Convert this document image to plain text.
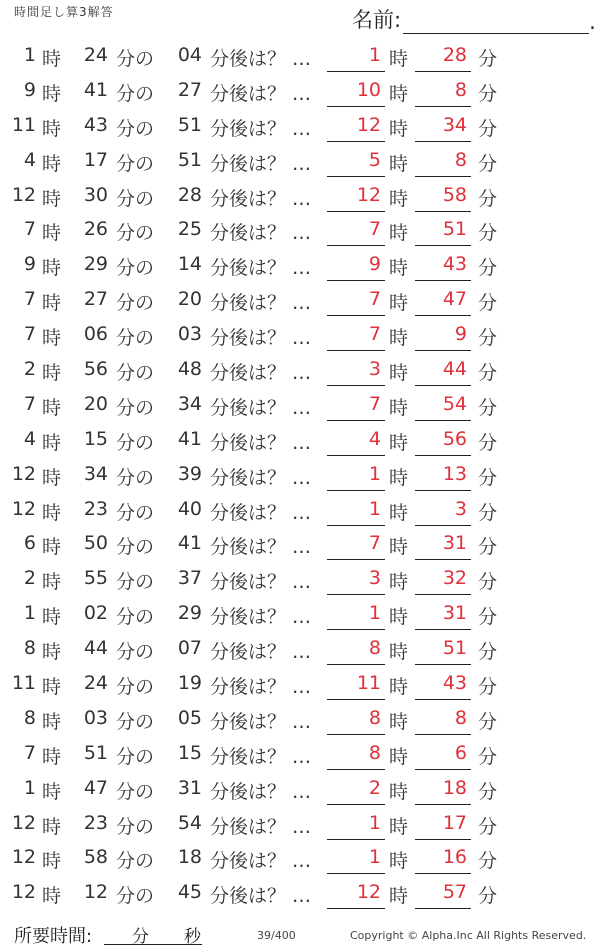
時間足し算3解答	名前:	.
1 時	24 分の	04 分後は？ …	1 時	28 分
9 時	41 分の	27 分後は？ …	10 時	8 分
11 時	43 分の	51 分後は？ …	12 時	34 分
4 時	17 分の	51 分後は？ …	5 時	8 分
12 時	30 分の	28 分後は？ …	12 時	58 分
7 時	26 分の	25 分後は？ …	7 時	51 分
9 時	29 分の	14 分後は？ …	9 時	43 分
7 時	27 分の	20 分後は？ …	7 時	47 分
7 時	06 分の	03 分後は？ …	7 時	9 分
2 時	56 分の	48 分後は？ …	3 時	44 分
7 時	20 分の	34 分後は？ …	7 時	54 分
4 時	15 分の	41 分後は？ …	4 時	56 分
12 時	34 分の	39 分後は？ …	1 時	13 分
12 時	23 分の	40 分後は？ …	1 時	3 分
6 時	50 分の	41 分後は？ …	7 時	31 分
2 時	55 分の	37 分後は？ …	3 時	32 分
1 時	02 分の	29 分後は？ …	1 時	31 分
8 時	44 分の	07 分後は？ …	8 時	51 分
11 時	24 分の	19 分後は？ …	11 時	43 分
8 時	03 分の	05 分後は？ …	8 時	8 分
7 時	51 分の	15 分後は？ …	8 時	6 分
1 時	47 分の	31 分後は？ …	2 時	18 分
12 時	23 分の	54 分後は？ …	1 時	17 分
12 時	58 分の	18 分後は？ …	1 時	16 分
12 時	12 分の	45 分後は？ …	12 時	57 分
所要時間: 分 秒	39/400	Copyright © Alpha.Inc All Rights Reserved.
